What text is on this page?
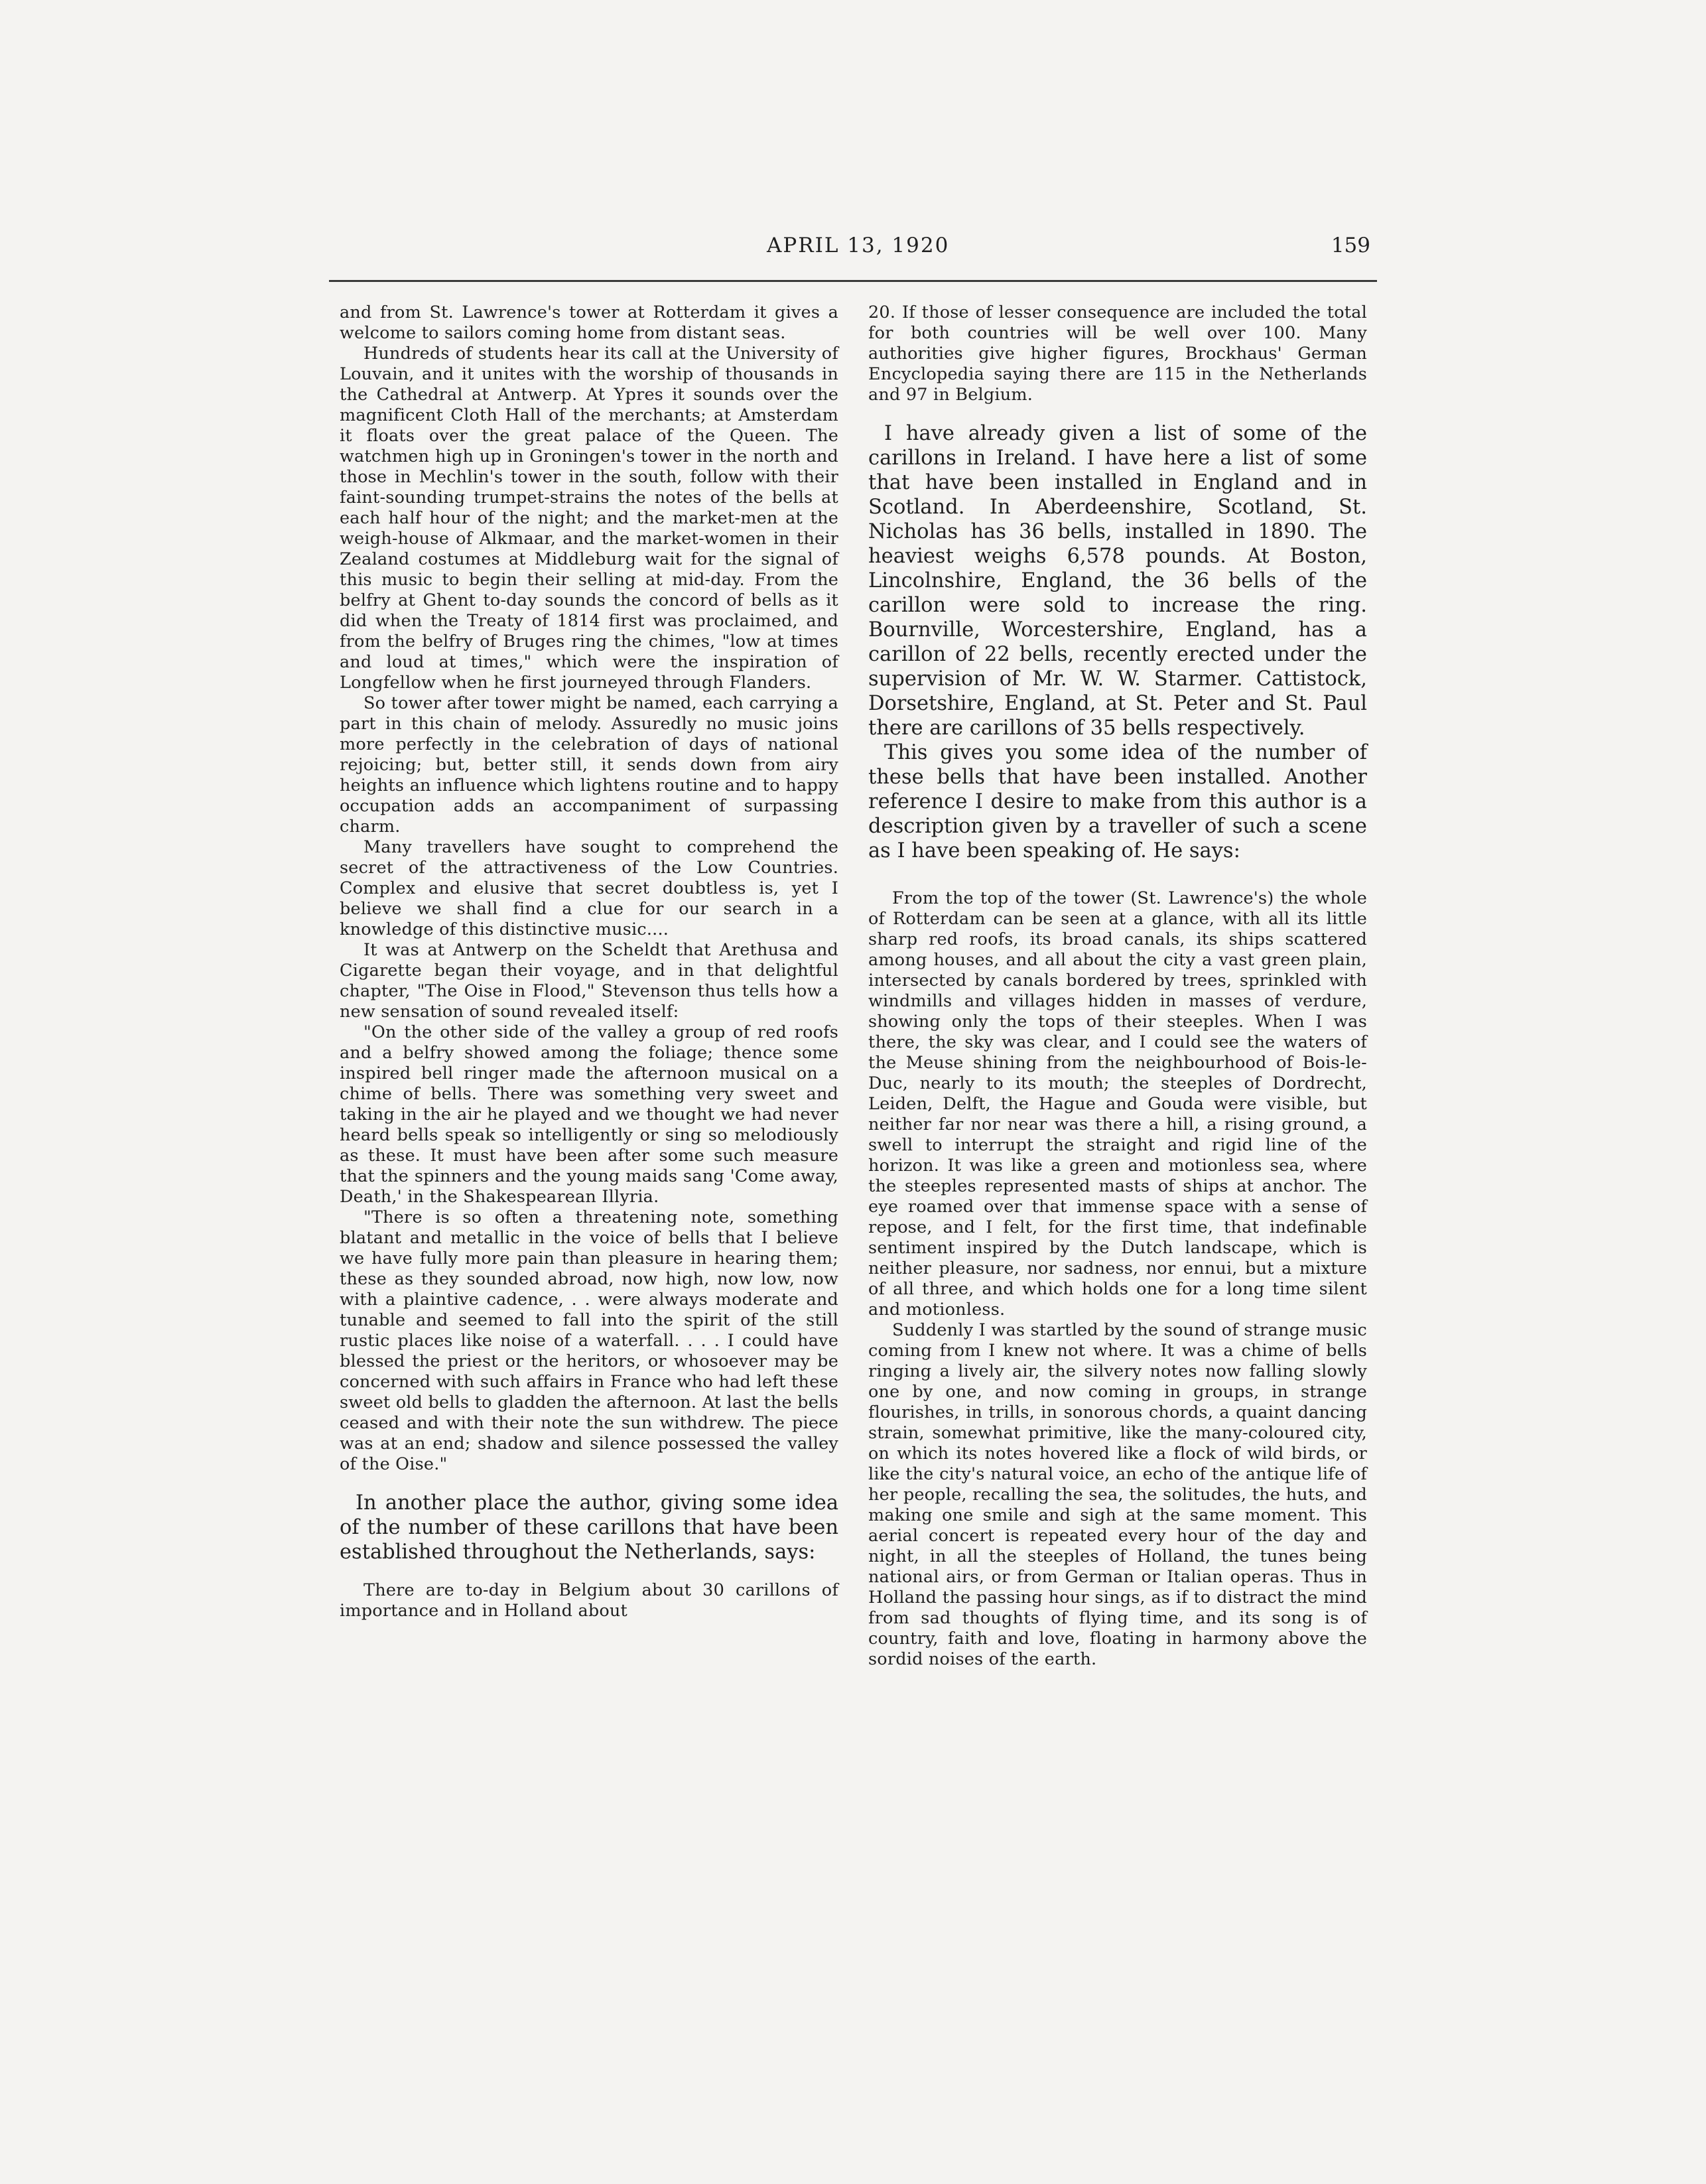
APRIL 13, 1920	159

and from St. Lawrence's tower at Rotterdam it gives a welcome to sailors coming home from distant seas.

Hundreds of students hear its call at the University of Louvain, and it unites with the worship of thousands in the Cathedral at Antwerp. At Ypres it sounds over the magnificent Cloth Hall of the merchants; at Amsterdam it floats over the great palace of the Queen. The watchmen high up in Groningen's tower in the north and those in Mechlin's tower in the south, follow with their faint-sounding trumpet-strains the notes of the bells at each half hour of the night; and the market-men at the weigh-house of Alkmaar, and the market-women in their Zealand costumes at Middleburg wait for the signal of this music to begin their selling at mid-day. From the belfry at Ghent to-day sounds the concord of bells as it did when the Treaty of 1814 first was proclaimed, and from the belfry of Bruges ring the chimes, "low at times and loud at times," which were the inspiration of Longfellow when he first journeyed through Flanders.

So tower after tower might be named, each carrying a part in this chain of melody. Assuredly no music joins more perfectly in the celebration of days of national rejoicing; but, better still, it sends down from airy heights an influence which lightens routine and to happy occupation adds an accompaniment of surpassing charm.

Many travellers have sought to comprehend the secret of the attractiveness of the Low Countries. Complex and elusive that secret doubtless is, yet I believe we shall find a clue for our search in a knowledge of this distinctive music....

It was at Antwerp on the Scheldt that Arethusa and Cigarette began their voyage, and in that delightful chapter, "The Oise in Flood," Stevenson thus tells how a new sensation of sound revealed itself:

"On the other side of the valley a group of red roofs and a belfry showed among the foliage; thence some inspired bell ringer made the afternoon musical on a chime of bells. There was something very sweet and taking in the air he played and we thought we had never heard bells speak so intelligently or sing so melodiously as these. It must have been after some such measure that the spinners and the young maids sang 'Come away, Death,' in the Shakespearean Illyria.

"There is so often a threatening note, something blatant and metallic in the voice of bells that I believe we have fully more pain than pleasure in hearing them; these as they sounded abroad, now high, now low, now with a plaintive cadence, . . were always moderate and tunable and seemed to fall into the spirit of the still rustic places like noise of a waterfall. . . . I could have blessed the priest or the heritors, or whosoever may be concerned with such affairs in France who had left these sweet old bells to gladden the afternoon. At last the bells ceased and with their note the sun withdrew. The piece was at an end; shadow and silence possessed the valley of the Oise."

In another place the author, giving some idea of the number of these carillons that have been established throughout the Netherlands, says:

There are to-day in Belgium about 30 carillons of importance and in Holland about

20. If those of lesser consequence are included the total for both countries will be well over 100. Many authorities give higher figures, Brockhaus' German Encyclopedia saying there are 115 in the Netherlands and 97 in Belgium.

I have already given a list of some of the carillons in Ireland. I have here a list of some that have been installed in England and in Scotland. In Aberdeenshire, Scotland, St. Nicholas has 36 bells, installed in 1890. The heaviest weighs 6,578 pounds. At Boston, Lincolnshire, England, the 36 bells of the carillon were sold to increase the ring. Bournville, Worcestershire, England, has a carillon of 22 bells, recently erected under the supervision of Mr. W. W. Starmer. Cattistock, Dorsetshire, England, at St. Peter and St. Paul there are carillons of 35 bells respectively.

This gives you some idea of the number of these bells that have been installed. Another reference I desire to make from this author is a description given by a traveller of such a scene as I have been speaking of. He says:

From the top of the tower (St. Lawrence's) the whole of Rotterdam can be seen at a glance, with all its little sharp red roofs, its broad canals, its ships scattered among houses, and all about the city a vast green plain, intersected by canals bordered by trees, sprinkled with windmills and villages hidden in masses of verdure, showing only the tops of their steeples. When I was there, the sky was clear, and I could see the waters of the Meuse shining from the neighbourhood of Bois-le-Duc, nearly to its mouth; the steeples of Dordrecht, Leiden, Delft, the Hague and Gouda were visible, but neither far nor near was there a hill, a rising ground, a swell to interrupt the straight and rigid line of the horizon. It was like a green and motionless sea, where the steeples represented masts of ships at anchor. The eye roamed over that immense space with a sense of repose, and I felt, for the first time, that indefinable sentiment inspired by the Dutch landscape, which is neither pleasure, nor sadness, nor ennui, but a mixture of all three, and which holds one for a long time silent and motionless.

Suddenly I was startled by the sound of strange music coming from I knew not where. It was a chime of bells ringing a lively air, the silvery notes now falling slowly one by one, and now coming in groups, in strange flourishes, in trills, in sonorous chords, a quaint dancing strain, somewhat primitive, like the many-coloured city, on which its notes hovered like a flock of wild birds, or like the city's natural voice, an echo of the antique life of her people, recalling the sea, the solitudes, the huts, and making one smile and sigh at the same moment. This aerial concert is repeated every hour of the day and night, in all the steeples of Holland, the tunes being national airs, or from German or Italian operas. Thus in Holland the passing hour sings, as if to distract the mind from sad thoughts of flying time, and its song is of country, faith and love, floating in harmony above the sordid noises of the earth.
